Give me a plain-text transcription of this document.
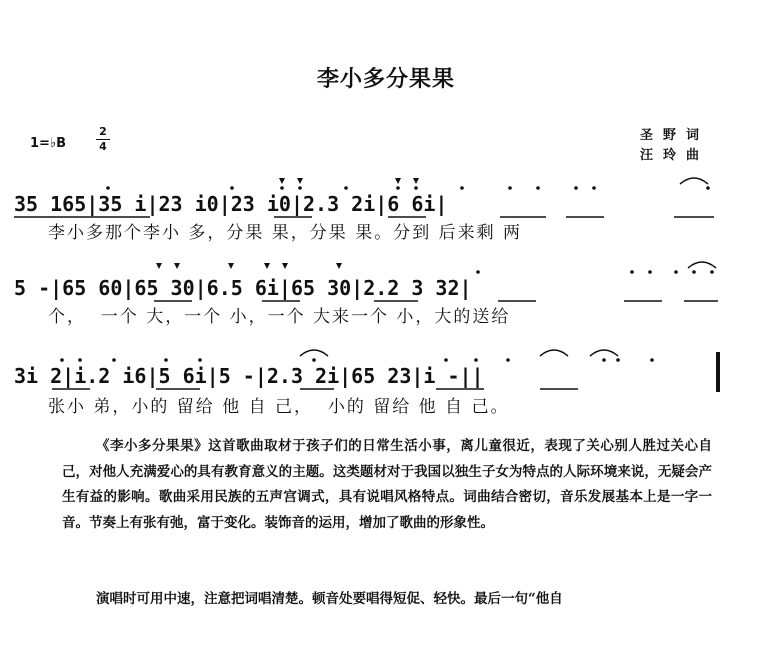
李小多分果果
1=♭B
2
4
圣野词
汪玲曲
35 165|35 i|23 i0|23 i0|2.3 2i|6 6i|
李小多那个李小 多，分果 果，分果 果。分到 后来剩 两
5 -|65 60|65 30|6.5 6i|65 30|2.2 3 32|
个，  一个 大，一个 小，一个 大来一个 小，大的送给
3i 2|i.2 i6|5 6i|5 -|2.3 2i|65 23|i -||
张小 弟，小的 留给 他 自 己，  小的 留给 他 自 己。

《李小多分果果》这首歌曲取材于孩子们的日常生活小事，离儿童很近，表现了关心别人胜过关心自己，对他人充满爱心的具有教育意义的主题。这类题材对于我国以独生子女为特点的人际环境来说，无疑会产生有益的影响。歌曲采用民族的五声宫调式，具有说唱风格特点。词曲结合密切，音乐发展基本上是一字一音。节奏上有张有弛，富于变化。装饰音的运用，增加了歌曲的形象性。

演唱时可用中速，注意把词唱清楚。顿音处要唱得短促、轻快。最后一句“他自
